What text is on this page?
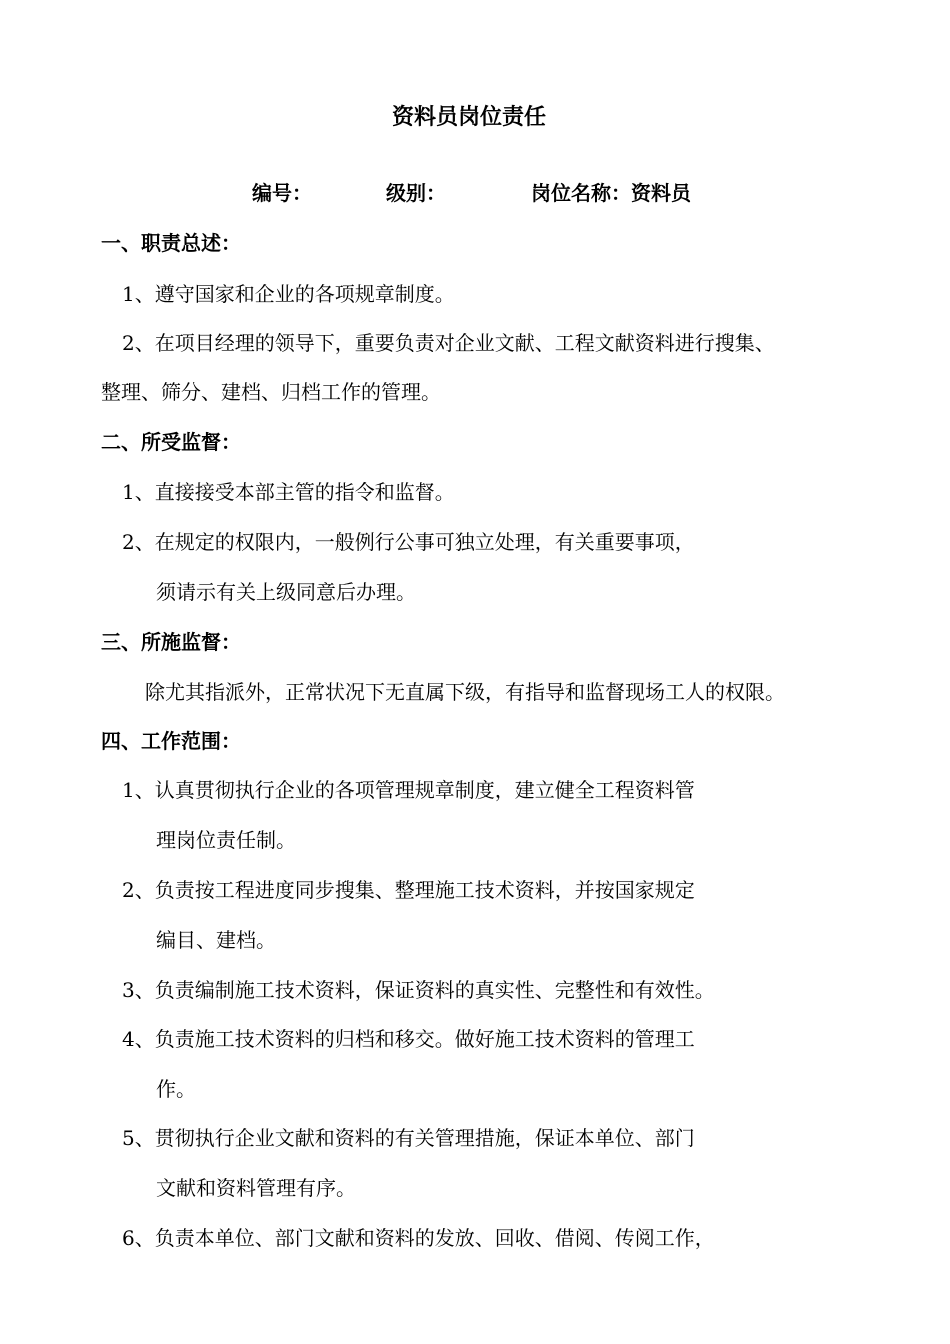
资料员岗位责任
编号：	级别：	岗位名称：资料员
一、职责总述：
1、遵守国家和企业的各项规章制度。
2、在项目经理的领导下，重要负责对企业文献、工程文献资料进行搜集、
整理、筛分、建档、归档工作的管理。
二、所受监督：
1、直接接受本部主管的指令和监督。
2、在规定的权限内，一般例行公事可独立处理，有关重要事项，
须请示有关上级同意后办理。
三、所施监督：
除尤其指派外，正常状况下无直属下级，有指导和监督现场工人的权限。
四、工作范围：
1、认真贯彻执行企业的各项管理规章制度，建立健全工程资料管
理岗位责任制。
2、负责按工程进度同步搜集、整理施工技术资料，并按国家规定
编目、建档。
3、负责编制施工技术资料，保证资料的真实性、完整性和有效性。
4、负责施工技术资料的归档和移交。做好施工技术资料的管理工
作。
5、贯彻执行企业文献和资料的有关管理措施，保证本单位、部门
文献和资料管理有序。
6、负责本单位、部门文献和资料的发放、回收、借阅、传阅工作，
